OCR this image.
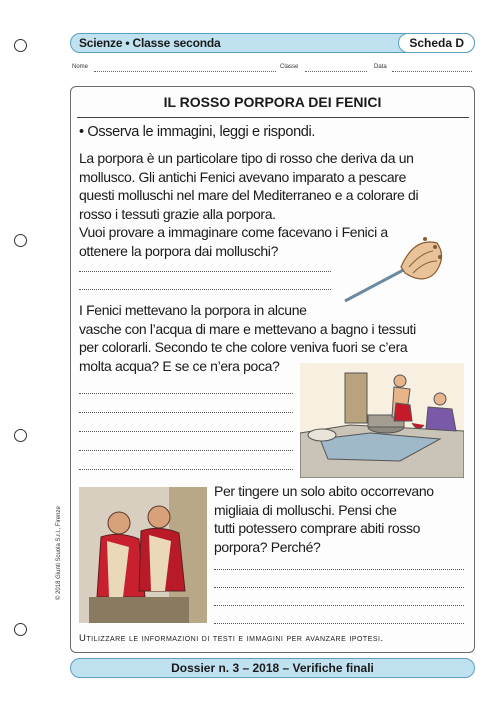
Scienze • Classe seconda	Scheda D
Nome	Classe	Data
IL ROSSO PORPORA DEI FENICI
• Osserva le immagini, leggi e rispondi.
La porpora è un particolare tipo di rosso che deriva da un
mollusco. Gli antichi Fenici avevano imparato a pescare
questi molluschi nel mare del Mediterraneo e a colorare di
rosso i tessuti grazie alla porpora.
Vuoi provare a immaginare come facevano i Fenici a
ottenere la porpora dai molluschi?
I Fenici mettevano la porpora in alcune
vasche con l’acqua di mare e mettevano a bagno i tessuti
per colorarli. Secondo te che colore veniva fuori se c’era
molta acqua? E se ce n’era poca?
Per tingere un solo abito occorrevano
migliaia di molluschi. Pensi che
tutti potessero comprare abiti rosso
porpora? Perché?
Utilizzare le informazioni di testi e immagini per avanzare ipotesi.
© 2018 Giunti Scuola S.r.l., Firenze
Dossier n. 3 – 2018 – Verifiche finali
